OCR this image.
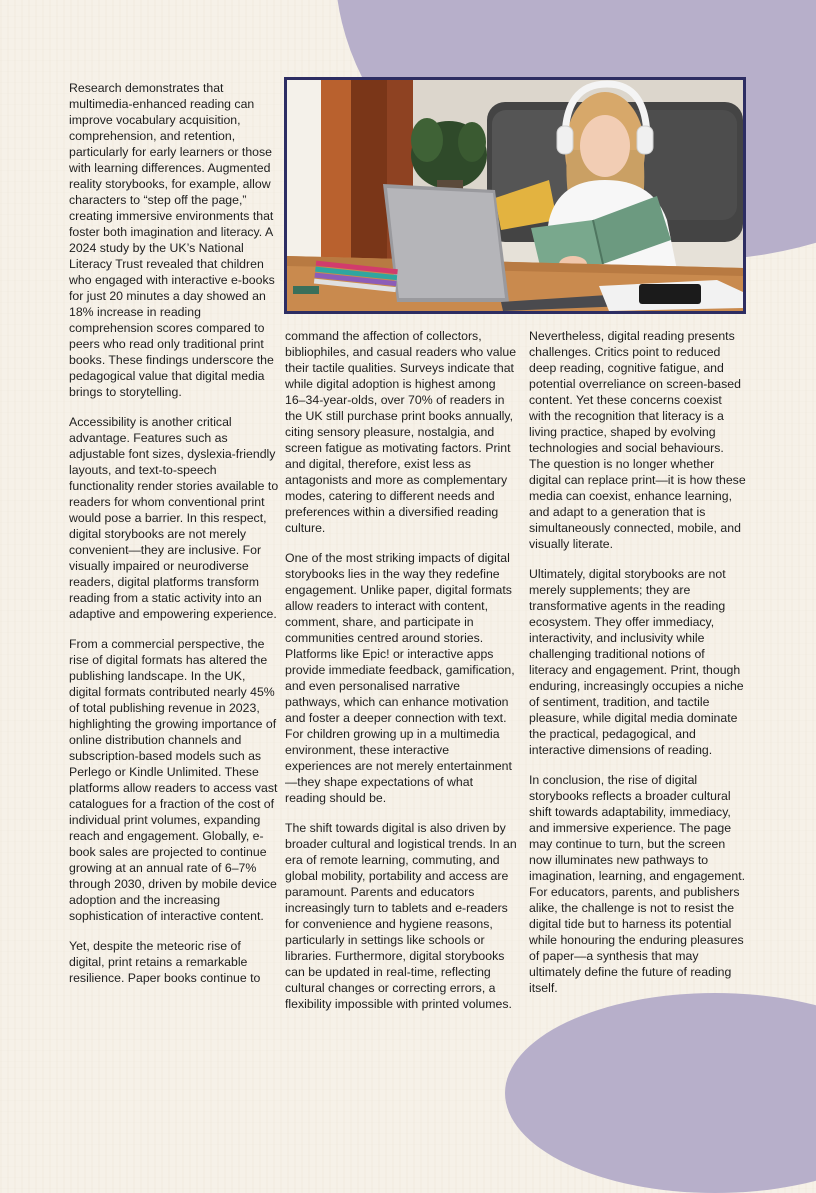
Research demonstrates that multimedia-enhanced reading can improve vocabulary acquisition, comprehension, and retention, particularly for early learners or those with learning differences. Augmented reality storybooks, for example, allow characters to “step off the page,” creating immersive environments that foster both imagination and literacy. A 2024 study by the UK’s National Literacy Trust revealed that children who engaged with interactive e-books for just 20 minutes a day showed an 18% increase in reading comprehension scores compared to peers who read only traditional print books. These findings underscore the pedagogical value that digital media brings to storytelling.

Accessibility is another critical advantage. Features such as adjustable font sizes, dyslexia-friendly layouts, and text-to-speech functionality render stories available to readers for whom conventional print would pose a barrier. In this respect, digital storybooks are not merely convenient—they are inclusive. For visually impaired or neurodiverse readers, digital platforms transform reading from a static activity into an adaptive and empowering experience.

From a commercial perspective, the rise of digital formats has altered the publishing landscape. In the UK, digital formats contributed nearly 45% of total publishing revenue in 2023, highlighting the growing importance of online distribution channels and subscription-based models such as Perlego or Kindle Unlimited. These platforms allow readers to access vast catalogues for a fraction of the cost of individual print volumes, expanding reach and engagement. Globally, e-book sales are projected to continue growing at an annual rate of 6–7% through 2030, driven by mobile device adoption and the increasing sophistication of interactive content.

Yet, despite the meteoric rise of digital, print retains a remarkable resilience. Paper books continue to

command the affection of collectors, bibliophiles, and casual readers who value their tactile qualities. Surveys indicate that while digital adoption is highest among 16–34-year-olds, over 70% of readers in the UK still purchase print books annually, citing sensory pleasure, nostalgia, and screen fatigue as motivating factors. Print and digital, therefore, exist less as antagonists and more as complementary modes, catering to different needs and preferences within a diversified reading culture.

One of the most striking impacts of digital storybooks lies in the way they redefine engagement. Unlike paper, digital formats allow readers to interact with content, comment, share, and participate in communities centred around stories. Platforms like Epic! or interactive apps provide immediate feedback, gamification, and even personalised narrative pathways, which can enhance motivation and foster a deeper connection with text. For children growing up in a multimedia environment, these interactive experiences are not merely entertainment—they shape expectations of what reading should be.

The shift towards digital is also driven by broader cultural and logistical trends. In an era of remote learning, commuting, and global mobility, portability and access are paramount. Parents and educators increasingly turn to tablets and e-readers for convenience and hygiene reasons, particularly in settings like schools or libraries. Furthermore, digital storybooks can be updated in real-time, reflecting cultural changes or correcting errors, a flexibility impossible with printed volumes.

Nevertheless, digital reading presents challenges. Critics point to reduced deep reading, cognitive fatigue, and potential overreliance on screen-based content. Yet these concerns coexist with the recognition that literacy is a living practice, shaped by evolving technologies and social behaviours. The question is no longer whether digital can replace print—it is how these media can coexist, enhance learning, and adapt to a generation that is simultaneously connected, mobile, and visually literate.

Ultimately, digital storybooks are not merely supplements; they are transformative agents in the reading ecosystem. They offer immediacy, interactivity, and inclusivity while challenging traditional notions of literacy and engagement. Print, though enduring, increasingly occupies a niche of sentiment, tradition, and tactile pleasure, while digital media dominate the practical, pedagogical, and interactive dimensions of reading.

In conclusion, the rise of digital storybooks reflects a broader cultural shift towards adaptability, immediacy, and immersive experience. The page may continue to turn, but the screen now illuminates new pathways to imagination, learning, and engagement. For educators, parents, and publishers alike, the challenge is not to resist the digital tide but to harness its potential while honouring the enduring pleasures of paper—a synthesis that may ultimately define the future of reading itself.
